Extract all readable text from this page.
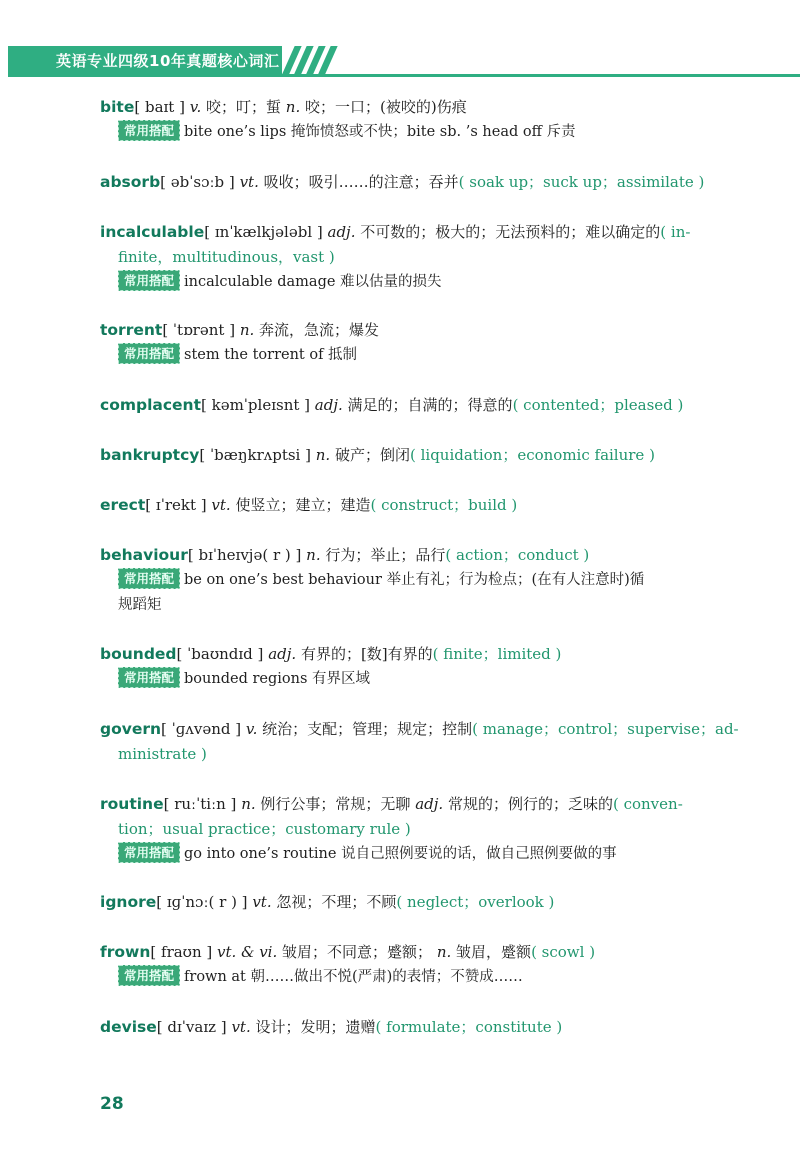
英语专业四级10年真题核心词汇
bite[ baɪt ] v. 咬；叮；蜇 n. 咬；一口；(被咬的)伤痕
常用搭配 bite one’s lips 掩饰愤怒或不快；bite sb. ’s head off 斥责
absorb[ əbˈsɔːb ] vt. 吸收；吸引……的注意；吞并( soak up；suck up；assimilate )
incalculable[ ɪnˈkælkjələbl ] adj. 不可数的；极大的；无法预料的；难以确定的( in-
finite，multitudinous，vast )
常用搭配 incalculable damage 难以估量的损失
torrent[ ˈtɒrənt ] n. 奔流，急流；爆发
常用搭配 stem the torrent of 抵制
complacent[ kəmˈpleɪsnt ] adj. 满足的；自满的；得意的( contented；pleased )
bankruptcy[ ˈbæŋkrʌptsi ] n. 破产；倒闭( liquidation；economic failure )
erect[ ɪˈrekt ] vt. 使竖立；建立；建造( construct；build )
behaviour[ bɪˈheɪvjə( r ) ] n. 行为；举止；品行( action；conduct )
常用搭配 be on one’s best behaviour 举止有礼；行为检点；(在有人注意时)循
规蹈矩
bounded[ ˈbaʊndɪd ] adj. 有界的；[数]有界的( finite；limited )
常用搭配 bounded regions 有界区域
govern[ ˈɡʌvənd ] v. 统治；支配；管理；规定；控制( manage；control；supervise；ad-
ministrate )
routine[ ruːˈtiːn ] n. 例行公事；常规；无聊 adj. 常规的；例行的；乏味的( conven-
tion；usual practice；customary rule )
常用搭配 go into one’s routine 说自己照例要说的话，做自己照例要做的事
ignore[ ɪɡˈnɔː( r ) ] vt. 忽视；不理；不顾( neglect；overlook )
frown[ fraʊn ] vt. & vi. 皱眉；不同意；蹙额； n. 皱眉，蹙额( scowl )
常用搭配 frown at 朝……做出不悦(严肃)的表情；不赞成……
devise[ dɪˈvaɪz ] vt. 设计；发明；遗赠( formulate；constitute )
28
